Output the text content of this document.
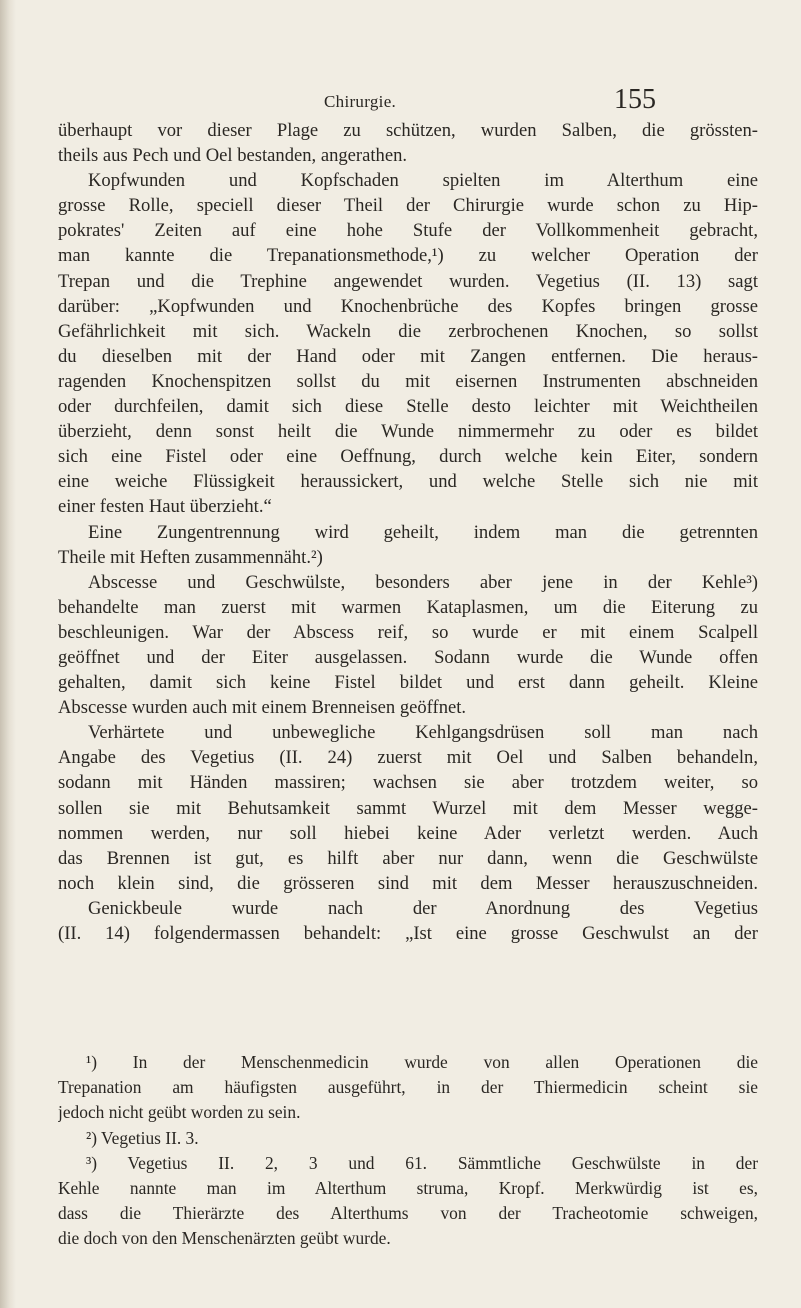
Chirurgie.	155
überhaupt vor dieser Plage zu schützen, wurden Salben, die grössten-
theils aus Pech und Oel bestanden, angerathen.
Kopfwunden und Kopfschaden spielten im Alterthum eine
grosse Rolle, speciell dieser Theil der Chirurgie wurde schon zu Hip-
pokrates' Zeiten auf eine hohe Stufe der Vollkommenheit gebracht,
man kannte die Trepanationsmethode,¹) zu welcher Operation der
Trepan und die Trephine angewendet wurden. Vegetius (II. 13) sagt
darüber: „Kopfwunden und Knochenbrüche des Kopfes bringen grosse
Gefährlichkeit mit sich. Wackeln die zerbrochenen Knochen, so sollst
du dieselben mit der Hand oder mit Zangen entfernen. Die heraus-
ragenden Knochenspitzen sollst du mit eisernen Instrumenten abschneiden
oder durchfeilen, damit sich diese Stelle desto leichter mit Weichtheilen
überzieht, denn sonst heilt die Wunde nimmermehr zu oder es bildet
sich eine Fistel oder eine Oeffnung, durch welche kein Eiter, sondern
eine weiche Flüssigkeit heraussickert, und welche Stelle sich nie mit
einer festen Haut überzieht.“
Eine Zungentrennung wird geheilt, indem man die getrennten
Theile mit Heften zusammennäht.²)
Abscesse und Geschwülste, besonders aber jene in der Kehle³)
behandelte man zuerst mit warmen Kataplasmen, um die Eiterung zu
beschleunigen. War der Abscess reif, so wurde er mit einem Scalpell
geöffnet und der Eiter ausgelassen. Sodann wurde die Wunde offen
gehalten, damit sich keine Fistel bildet und erst dann geheilt. Kleine
Abscesse wurden auch mit einem Brenneisen geöffnet.
Verhärtete und unbewegliche Kehlgangsdrüsen soll man nach
Angabe des Vegetius (II. 24) zuerst mit Oel und Salben behandeln,
sodann mit Händen massiren; wachsen sie aber trotzdem weiter, so
sollen sie mit Behutsamkeit sammt Wurzel mit dem Messer wegge-
nommen werden, nur soll hiebei keine Ader verletzt werden. Auch
das Brennen ist gut, es hilft aber nur dann, wenn die Geschwülste
noch klein sind, die grösseren sind mit dem Messer herauszuschneiden.
Genickbeule wurde nach der Anordnung des Vegetius
(II. 14) folgendermassen behandelt: „Ist eine grosse Geschwulst an der
¹) In der Menschenmedicin wurde von allen Operationen die
Trepanation am häufigsten ausgeführt, in der Thiermedicin scheint sie
jedoch nicht geübt worden zu sein.
²) Vegetius II. 3.
³) Vegetius II. 2, 3 und 61. Sämmtliche Geschwülste in der
Kehle nannte man im Alterthum struma, Kropf. Merkwürdig ist es,
dass die Thierärzte des Alterthums von der Tracheotomie schweigen,
die doch von den Menschenärzten geübt wurde.
